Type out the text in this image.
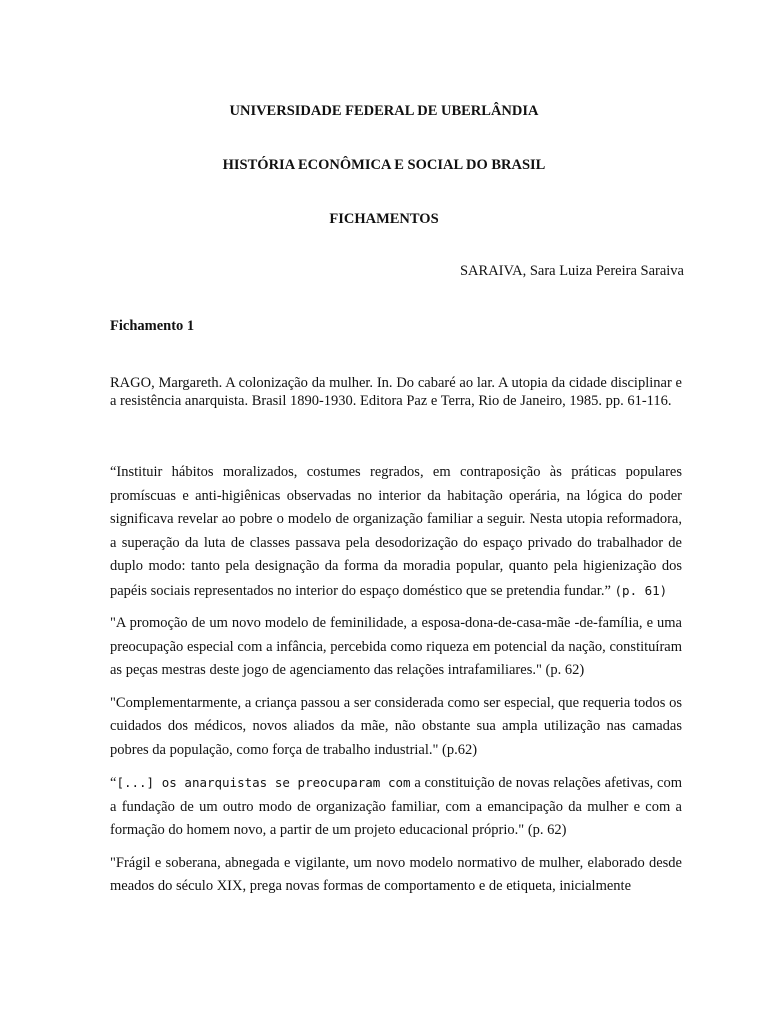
UNIVERSIDADE FEDERAL DE UBERLÂNDIA

HISTÓRIA ECONÔMICA E SOCIAL DO BRASIL

FICHAMENTOS

SARAIVA, Sara Luiza Pereira Saraiva

Fichamento 1

RAGO, Margareth. A colonização da mulher. In. Do cabaré ao lar. A utopia da cidade disciplinar e a resistência anarquista. Brasil 1890-1930. Editora Paz e Terra, Rio de Janeiro, 1985. pp. 61-116.

“Instituir hábitos moralizados, costumes regrados, em contraposição às práticas populares promíscuas e anti-higiênicas observadas no interior da habitação operária, na lógica do poder significava revelar ao pobre o modelo de organização familiar a seguir. Nesta utopia reformadora, a superação da luta de classes passava pela desodorização do espaço privado do trabalhador de duplo modo: tanto pela designação da forma da moradia popular, quanto pela higienização dos papéis sociais representados no interior do espaço doméstico que se pretendia fundar.” (p. 61)

"A promoção de um novo modelo de feminilidade, a esposa-dona-de-casa-mãe -de-família, e uma preocupação especial com a infância, percebida como riqueza em potencial da nação, constituíram as peças mestras deste jogo de agenciamento das relações intrafamiliares." (p. 62)

"Complementarmente, a criança passou a ser considerada como ser especial, que requeria todos os cuidados dos médicos, novos aliados da mãe, não obstante sua ampla utilização nas camadas pobres da população, como força de trabalho industrial." (p.62)

“[...] os anarquistas se preocuparam com a constituição de novas relações afetivas, com a fundação de um outro modo de organização familiar, com a emancipação da mulher e com a formação do homem novo, a partir de um projeto educacional próprio." (p. 62)

"Frágil e soberana, abnegada e vigilante, um novo modelo normativo de mulher, elaborado desde meados do século XIX, prega novas formas de comportamento e de etiqueta, inicialmente
